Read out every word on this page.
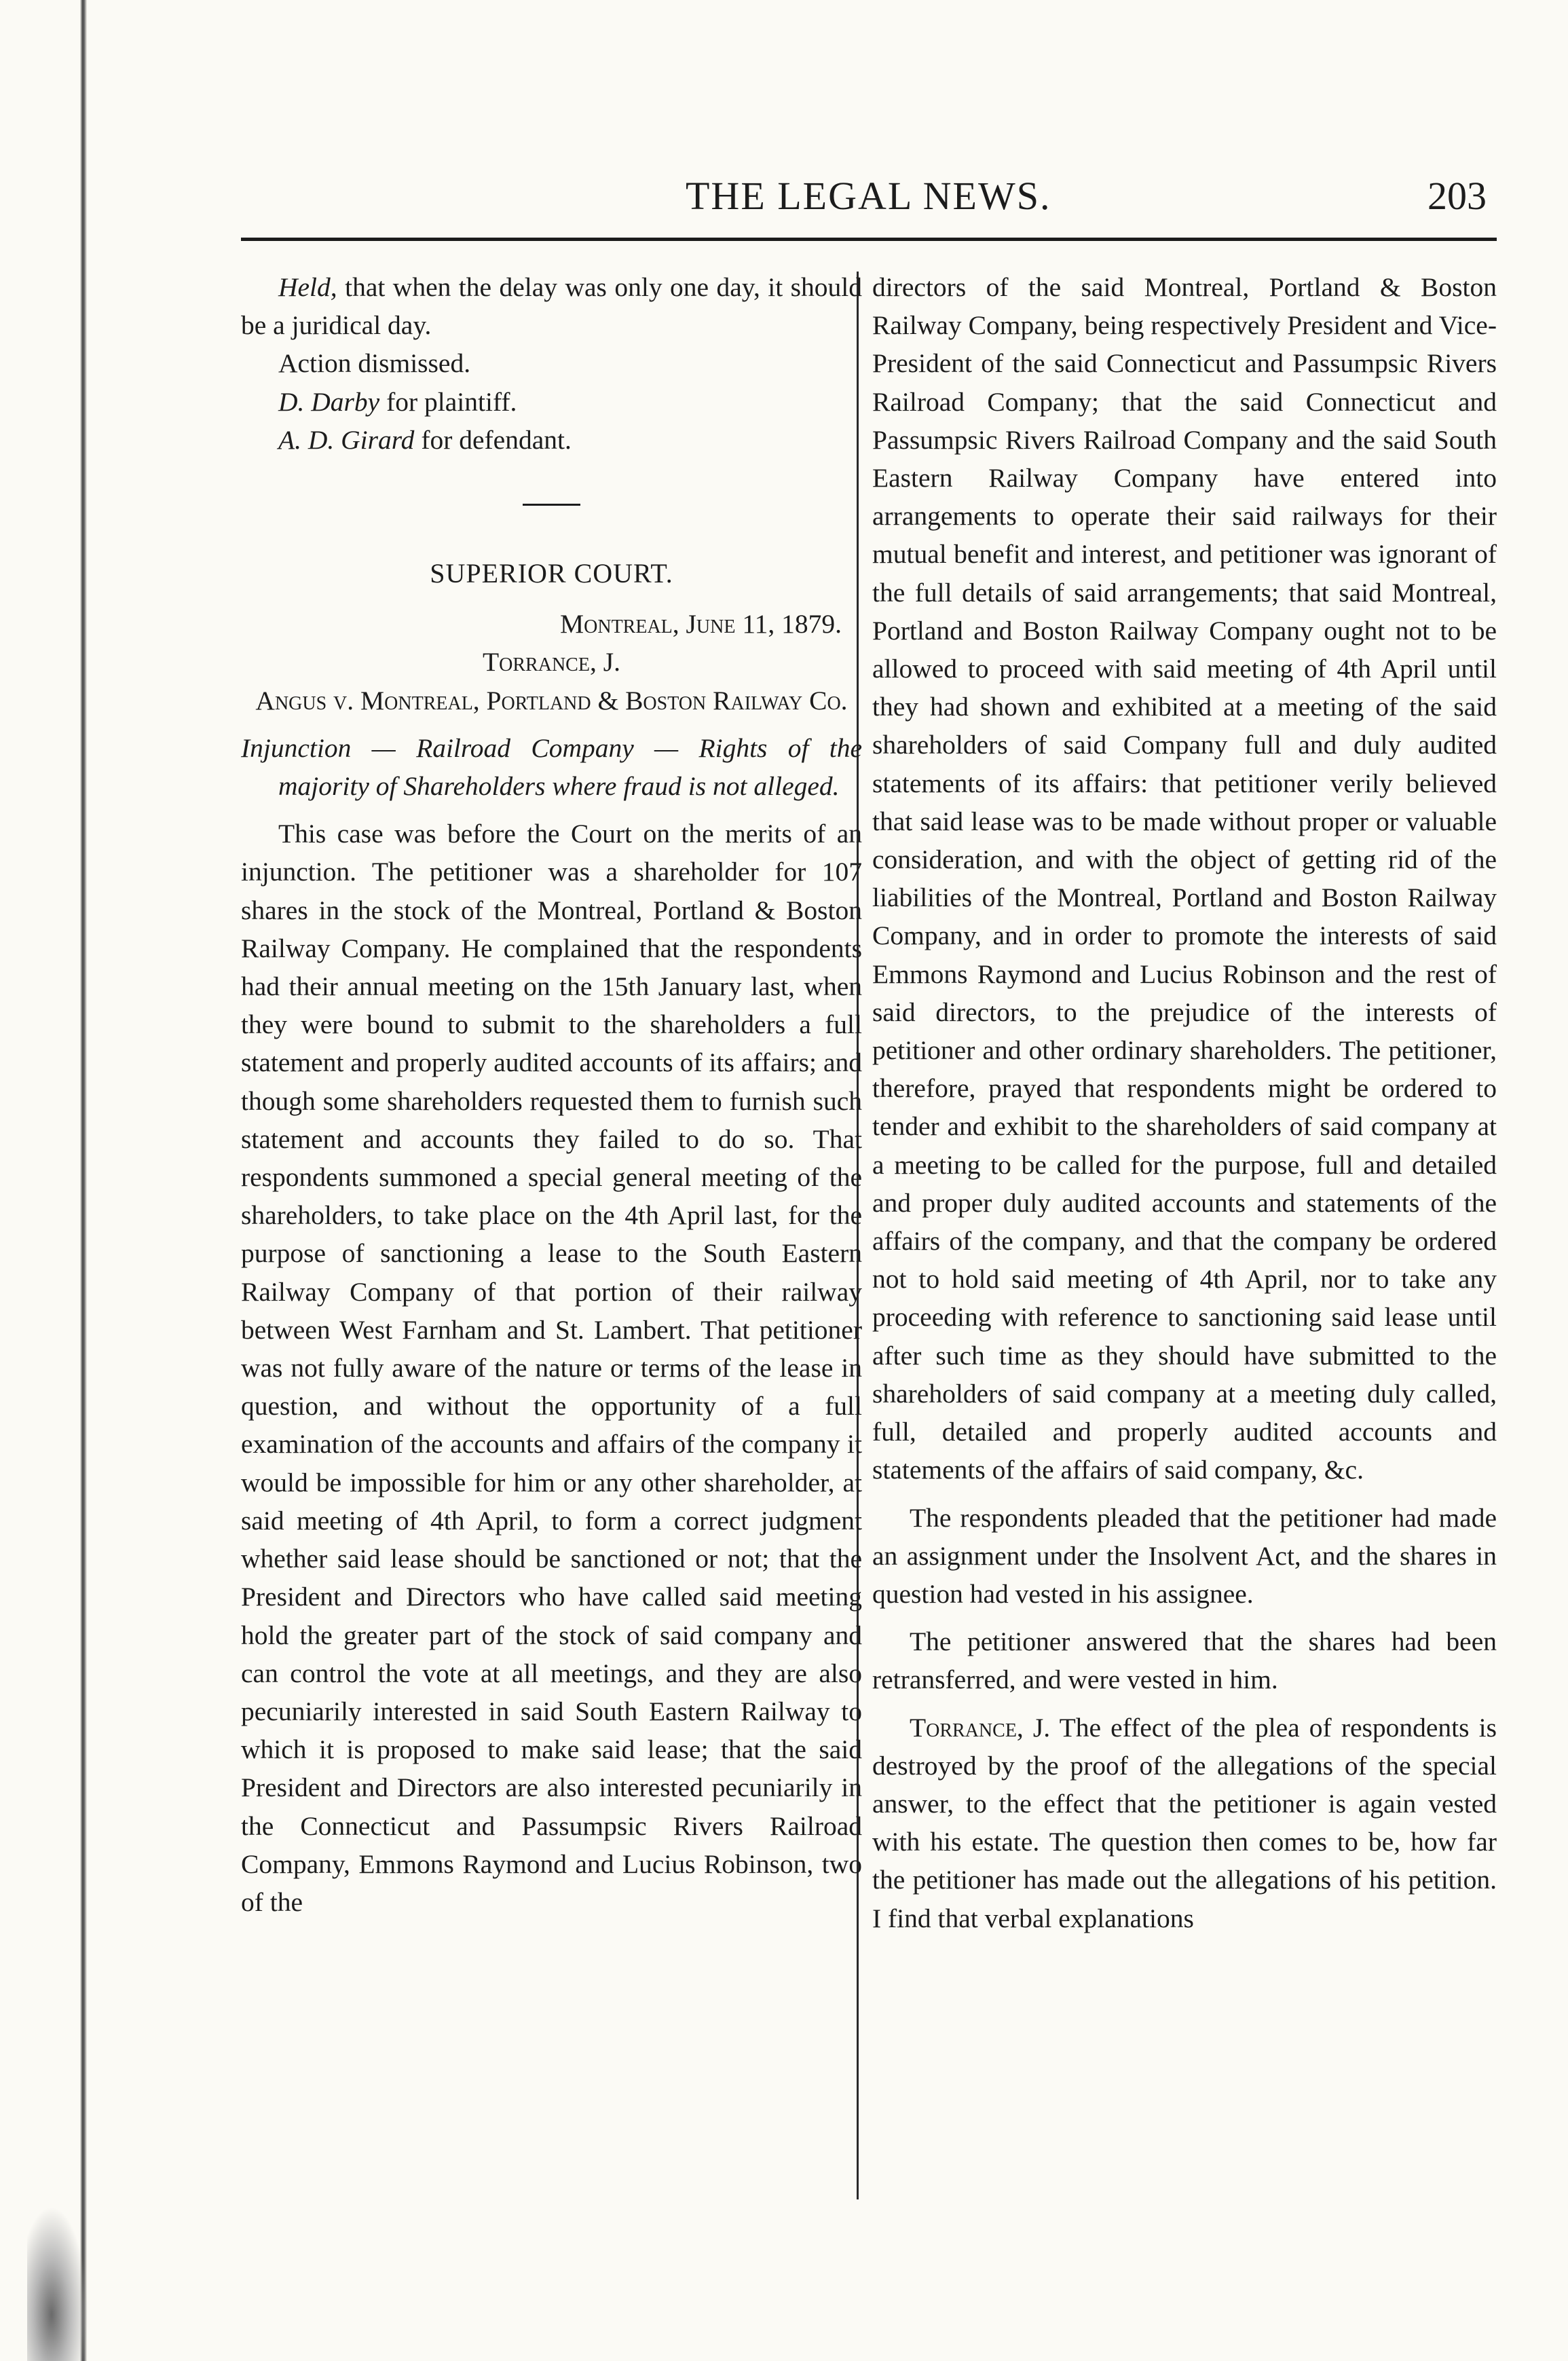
THE LEGAL NEWS.	203

Held, that when the delay was only one day, it should be a juridical day.

Action dismissed.

D. Darby for plaintiff.

A. D. Girard for defendant.

SUPERIOR COURT.

Montreal, June 11, 1879.

Torrance, J.

Angus v. Montreal, Portland & Boston Railway Co.

Injunction — Railroad Company — Rights of the majority of Shareholders where fraud is not alleged.

This case was before the Court on the merits of an injunction. The petitioner was a shareholder for 107 shares in the stock of the Montreal, Portland & Boston Railway Company. He complained that the respondents had their annual meeting on the 15th January last, when they were bound to submit to the shareholders a full statement and properly audited accounts of its affairs; and though some shareholders requested them to furnish such statement and accounts they failed to do so. That respondents summoned a special general meeting of the shareholders, to take place on the 4th April last, for the purpose of sanctioning a lease to the South Eastern Railway Company of that portion of their railway between West Farnham and St. Lambert. That petitioner was not fully aware of the nature or terms of the lease in question, and without the opportunity of a full examination of the accounts and affairs of the company it would be impossible for him or any other shareholder, at said meeting of 4th April, to form a correct judgment whether said lease should be sanctioned or not; that the President and Directors who have called said meeting hold the greater part of the stock of said company and can control the vote at all meetings, and they are also pecuniarily interested in said South Eastern Railway to which it is proposed to make said lease; that the said President and Directors are also interested pecuniarily in the Connecticut and Passumpsic Rivers Railroad Company, Emmons Raymond and Lucius Robinson, two of the

directors of the said Montreal, Portland & Boston Railway Company, being respectively President and Vice-President of the said Connecticut and Passumpsic Rivers Railroad Company; that the said Connecticut and Passumpsic Rivers Railroad Company and the said South Eastern Railway Company have entered into arrangements to operate their said railways for their mutual benefit and interest, and petitioner was ignorant of the full details of said arrangements; that said Montreal, Portland and Boston Railway Company ought not to be allowed to proceed with said meeting of 4th April until they had shown and exhibited at a meeting of the said shareholders of said Company full and duly audited statements of its affairs: that petitioner verily believed that said lease was to be made without proper or valuable consideration, and with the object of getting rid of the liabilities of the Montreal, Portland and Boston Railway Company, and in order to promote the interests of said Emmons Raymond and Lucius Robinson and the rest of said directors, to the prejudice of the interests of petitioner and other ordinary shareholders. The petitioner, therefore, prayed that respondents might be ordered to tender and exhibit to the shareholders of said company at a meeting to be called for the purpose, full and detailed and proper duly audited accounts and statements of the affairs of the company, and that the company be ordered not to hold said meeting of 4th April, nor to take any proceeding with reference to sanctioning said lease until after such time as they should have submitted to the shareholders of said company at a meeting duly called, full, detailed and properly audited accounts and statements of the affairs of said company, &c.

The respondents pleaded that the petitioner had made an assignment under the Insolvent Act, and the shares in question had vested in his assignee.

The petitioner answered that the shares had been retransferred, and were vested in him.

Torrance, J. The effect of the plea of respondents is destroyed by the proof of the allegations of the special answer, to the effect that the petitioner is again vested with his estate. The question then comes to be, how far the petitioner has made out the allegations of his petition. I find that verbal explanations
